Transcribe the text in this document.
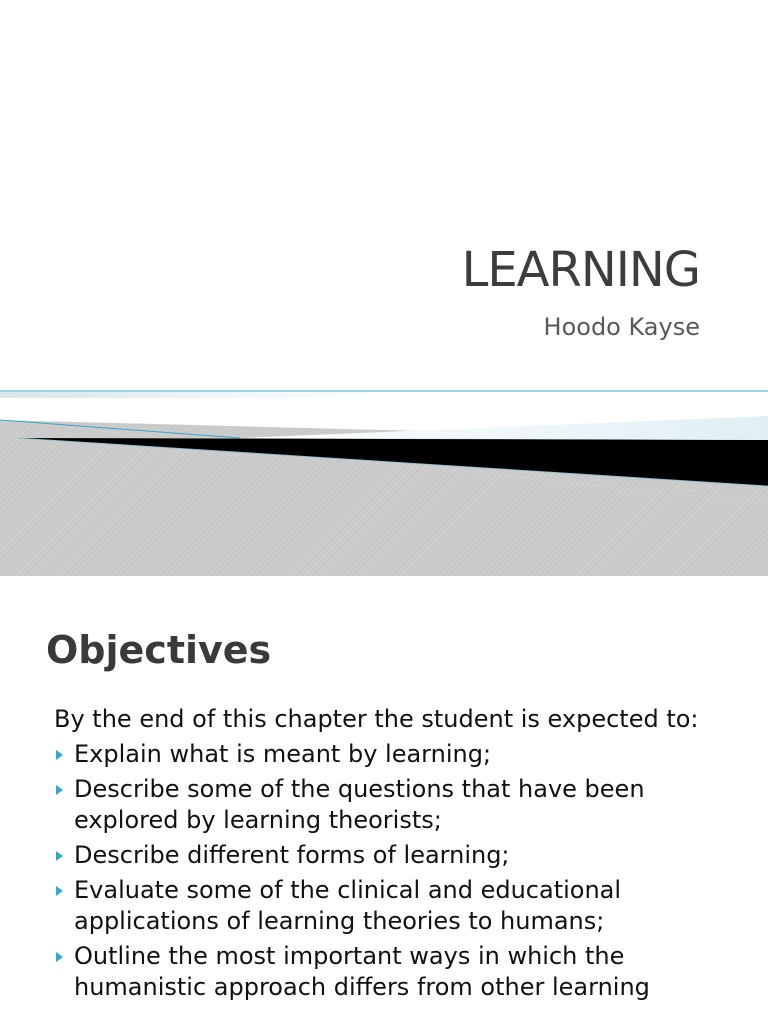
LEARNING
Hoodo Kayse
Objectives

By the end of this chapter the student is expected to:

Explain what is meant by learning;
Describe some of the questions that have been explored by learning theorists;
Describe different forms of learning;
Evaluate some of the clinical and educational applications of learning theories to humans;
Outline the most important ways in which the humanistic approach differs from other learning
